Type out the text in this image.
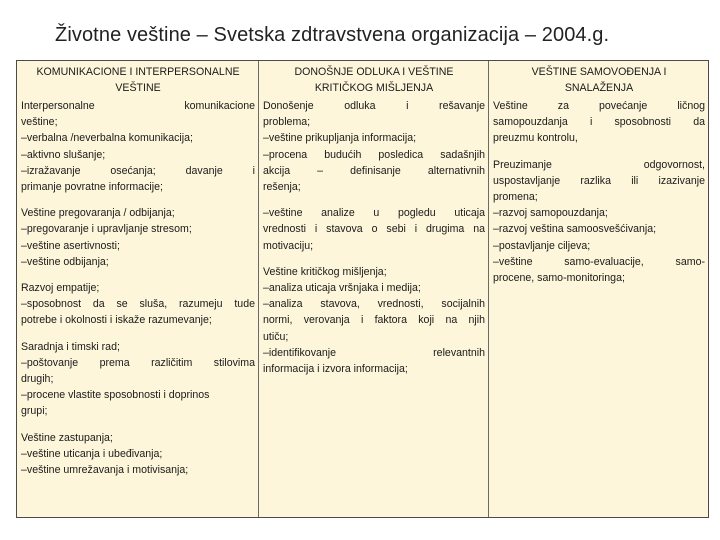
Životne veštine – Svetska zdtravstvena organizacija – 2004.g.
KOMUNIKACIONE I INTERPERSONALNE
VEŠTINE
Interpersonalne komunikacione
veštine;
–verbalna /neverbalna komunikacija;
–aktivno slušanje;
–izražavanje osećanja; davanje i
primanje povratne informacije;
Veštine pregovaranja / odbijanja;
–pregovaranje i upravljanje stresom;
–veštine asertivnosti;
–veštine odbijanja;
Razvoj empatije;
–sposobnost da se sluša, razumeju tude
potrebe i okolnosti i iskaže razumevanje;
Saradnja i timski rad;
–poštovanje prema različitim stilovima
drugih;
–procene vlastite sposobnosti i doprinos
grupi;
Veštine zastupanja;
–veštine uticanja i ubeđivanja;
–veštine umrežavanja i motivisanja;
DONOŠNJE ODLUKA I VEŠTINE
KRITIČKOG MIŠLJENJA
Donošenje odluka i rešavanje
problema;
–veštine prikupljanja informacija;
–procena budućih posledica sadašnjih
akcija – definisanje alternativnih
rešenja;
–veštine analize u pogledu uticaja
vrednosti i stavova o sebi i drugima na
motivaciju;
Veštine kritičkog mišljenja;
–analiza uticaja vršnjaka i medija;
–analiza stavova, vrednosti, socijalnih
normi, verovanja i faktora koji na njih
utiču;
–identifikovanje relevantnih
informacija i izvora informacija;
VEŠTINE SAMOVOĐENJA I
SNALAŽENJA
Veštine za povećanje ličnog
samopouzdanja i sposobnosti da
preuzmu kontrolu,
Preuzimanje odgovornost,
uspostavljanje razlika ili izazivanje
promena;
–razvoj samopouzdanja;
–razvoj veština samoosvešćivanja;
–postavljanje ciljeva;
–veštine samo-evaluacije, samo-
procene, samo-monitoringa;
